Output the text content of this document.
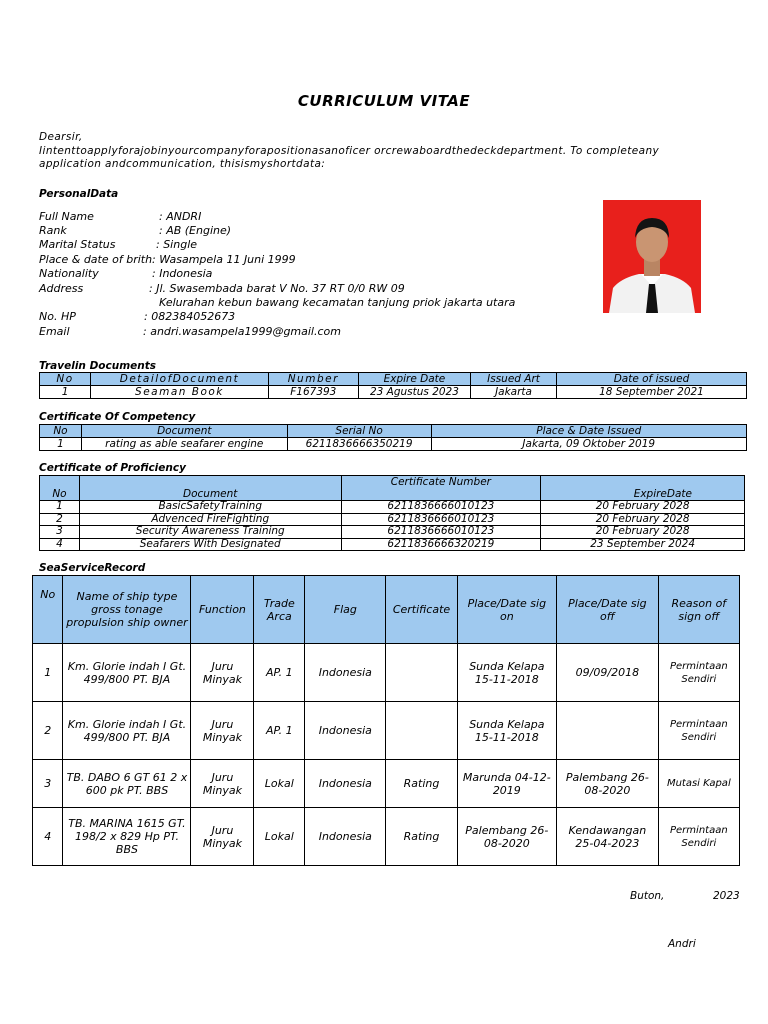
CURRICULUM VITAE
Dearsir,
Iintenttoapplyforajobinyourcompanyforapositionasanoficer orcrewaboardthedeckdepartment. To completeany application andcommunication, thisismyshortdata:
PersonalData
Full Name	: ANDRI
Rank	: AB (Engine)
Marital Status	: Single
Place & date of brith : Wasampela 11 Juni 1999
Nationality	: Indonesia
Address	: Jl. Swasembada barat V No. 37 RT 0/0 RW 09
Kelurahan kebun bawang kecamatan tanjung priok jakarta utara
No. HP	: 082384052673
Email	: andri.wasampela1999@gmail.com
Travelin Documents
No	DetailofDocument	Number	Expire Date	Issued Art	Date of issued
1	Seaman Book	F167393	23 Agustus 2023	Jakarta	18 September 2021
Certificate Of Competency
No	Document	Serial No	Place & Date Issued
1	rating as able seafarer engine	6211836666350219	Jakarta, 09 Oktober 2019
Certificate of Proficiency
No	Document	Certificate Number	ExpireDate
1	BasicSafetyTraining	6211836666010123	20 February 2028
2	Advenced FireFighting	6211836666010123	20 February 2028
3	Security Awareness Training	6211836666010123	20 February 2028
4	Seafarers With Designated	6211836666320219	23 September 2024
SeaServiceRecord
No	Name of ship type gross tonage propulsion ship owner	Function	Trade Arca	Flag	Certificate	Place/Date sig on	Place/Date sig off	Reason of sign off
1	Km. Glorie indah I Gt. 499/800 PT. BJA	Juru Minyak	AP. 1	Indonesia		Sunda Kelapa 15-11-2018	09/09/2018	Permintaan Sendiri
2	Km. Glorie indah I Gt. 499/800 PT. BJA	Juru Minyak	AP. 1	Indonesia		Sunda Kelapa 15-11-2018		Permintaan Sendiri
3	TB. DABO 6 GT 61 2 x 600 pk PT. BBS	Juru Minyak	Lokal	Indonesia	Rating	Marunda 04-12-2019	Palembang 26-08-2020	Mutasi Kapal
4	TB. MARINA 1615 GT. 198/2 x 829 Hp PT. BBS	Juru Minyak	Lokal	Indonesia	Rating	Palembang 26-08-2020	Kendawangan 25-04-2023	Permintaan Sendiri
Buton,	2023
Andri
